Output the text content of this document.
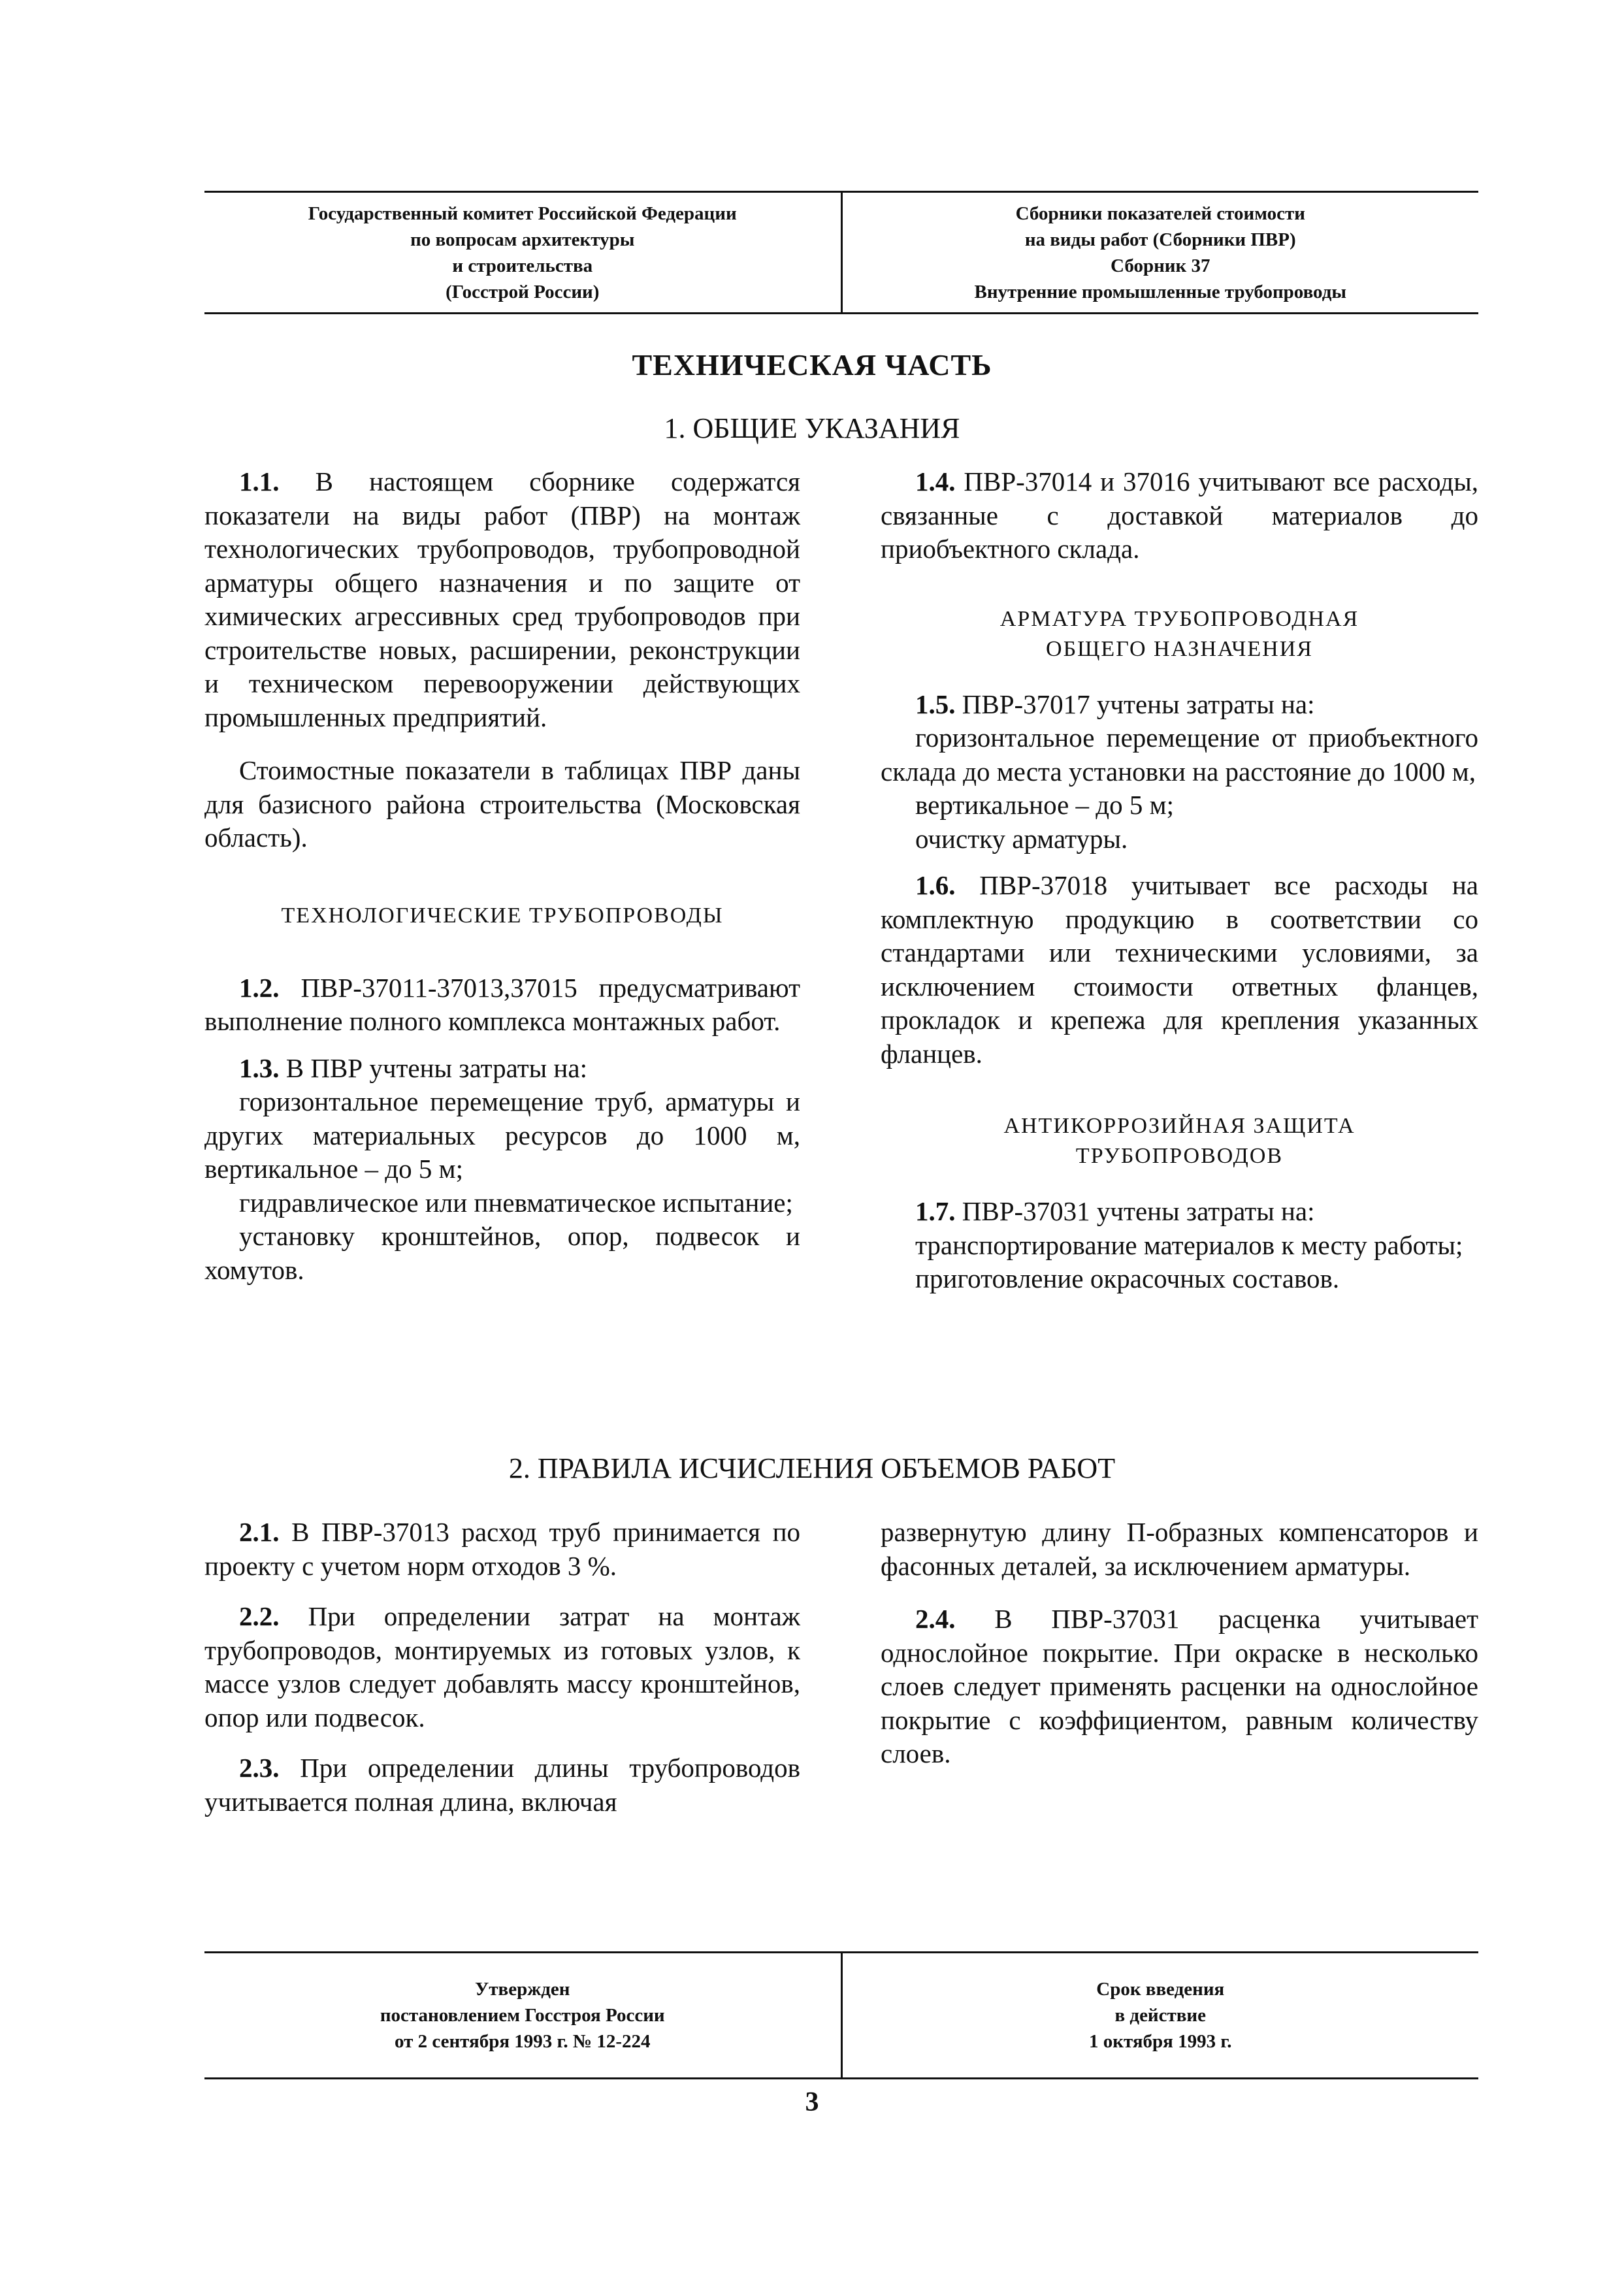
Государственный комитет Российской Федерации
по вопросам архитектуры
и строительства
(Госстрой России)
Сборники показателей стоимости
на виды работ (Сборники ПВР)
Сборник 37
Внутренние промышленные трубопроводы
ТЕХНИЧЕСКАЯ ЧАСТЬ
1. ОБЩИЕ УКАЗАНИЯ

1.1. В настоящем сборнике содержатся показатели на виды работ (ПВР) на монтаж технологических трубопроводов, трубопроводной арматуры общего назначения и по защите от химических агрессивных сред трубопроводов при строительстве новых, расширении, реконструкции и техническом перевооружении действующих промышленных предприятий.

Стоимостные показатели в таблицах ПВР даны для базисного района строительства (Московская область).

ТЕХНОЛОГИЧЕСКИЕ ТРУБОПРОВОДЫ

1.2. ПВР-37011-37013,37015 предусматривают выполнение полного комплекса монтажных работ.

1.3. В ПВР учтены затраты на:

горизонтальное перемещение труб, арматуры и других материальных ресурсов до 1000 м, вертикальное – до 5 м;

гидравлическое или пневматическое испытание;

установку кронштейнов, опор, подвесок и хомутов.

1.4. ПВР-37014 и 37016 учитывают все расходы, связанные с доставкой материалов до приобъектного склада.

АРМАТУРА ТРУБОПРОВОДНАЯ

ОБЩЕГО НАЗНАЧЕНИЯ

1.5. ПВР-37017 учтены затраты на:

горизонтальное перемещение от приобъектного склада до места установки на расстояние до 1000 м,

вертикальное – до 5 м;

очистку арматуры.

1.6. ПВР-37018 учитывает все расходы на комплектную продукцию в соответствии со стандартами или техническими условиями, за исключением стоимости ответных фланцев, прокладок и крепежа для крепления указанных фланцев.

АНТИКОРРОЗИЙНАЯ ЗАЩИТА

ТРУБОПРОВОДОВ

1.7. ПВР-37031 учтены затраты на:

транспортирование материалов к месту работы;

приготовление окрасочных составов.

2. ПРАВИЛА ИСЧИСЛЕНИЯ ОБЪЕМОВ РАБОТ

2.1. В ПВР-37013 расход труб принимается по проекту с учетом норм отходов 3 %.

2.2. При определении затрат на монтаж трубопроводов, монтируемых из готовых узлов, к массе узлов следует добавлять массу кронштейнов, опор или подвесок.

2.3. При определении длины трубопроводов учитывается полная длина, включая

развернутую длину П-образных компенсаторов и фасонных деталей, за исключением арматуры.

2.4. В ПВР-37031 расценка учитывает однослойное покрытие. При окраске в несколько слоев следует применять расценки на однослойное покрытие с коэффициентом, равным количеству слоев.

Утвержден
постановлением Госстроя России
от 2 сентября 1993 г. № 12-224
Срок введения
в действие
1 октября 1993 г.
3
